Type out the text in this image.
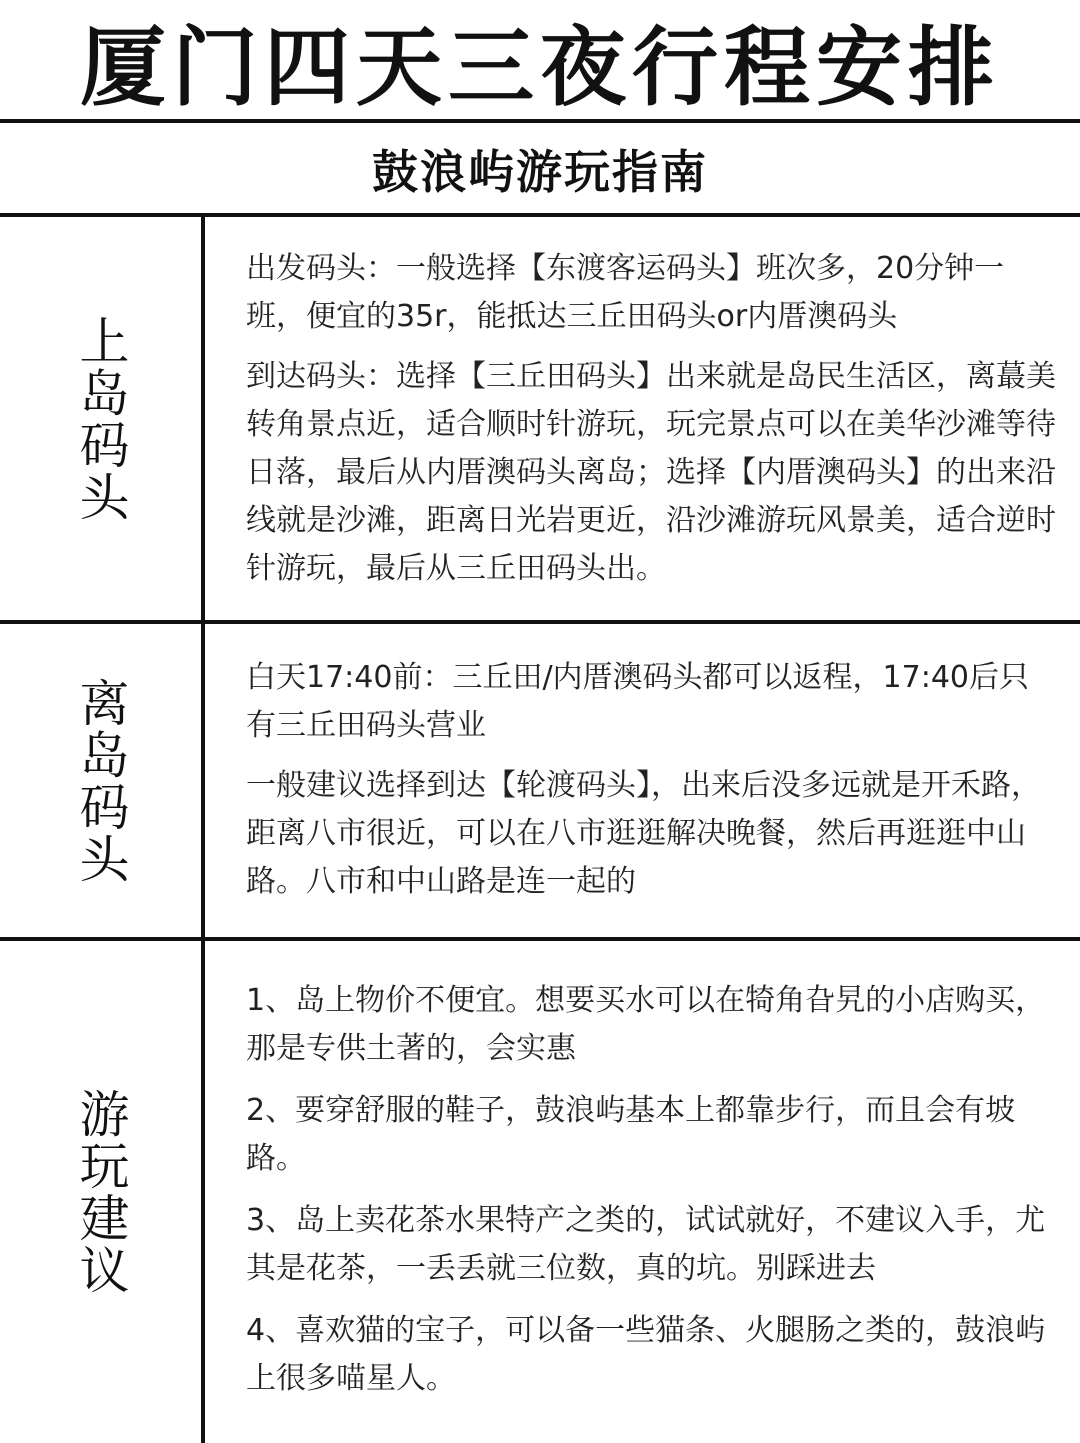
厦门四天三夜行程安排
鼓浪屿游玩指南
上岛码头

出发码头：一般选择【东渡客运码头】班次多，20分钟一班，便宜的35r，能抵达三丘田码头or内厝澳码头

到达码头：选择【三丘田码头】出来就是岛民生活区，离蕞美转角景点近，适合顺时针游玩，玩完景点可以在美华沙滩等待日落，最后从内厝澳码头离岛；选择【内厝澳码头】的出来沿线就是沙滩，距离日光岩更近，沿沙滩游玩风景美，适合逆时针游玩，最后从三丘田码头出。

离岛码头	白天17:40前：三丘田/内厝澳码头都可以返程，17:40后只有三丘田码头营业

一般建议选择到达【轮渡码头】，出来后没多远就是开禾路，距离八市很近，可以在八市逛逛解决晚餐，然后再逛逛中山路。八市和中山路是连一起的

游玩建议

1、岛上物价不便宜。想要买水可以在犄角旮旯的小店购买，那是专供土著的，会实惠

2、要穿舒服的鞋子，鼓浪屿基本上都靠步行，而且会有坡路。

3、岛上卖花茶水果特产之类的，试试就好，不建议入手，尤其是花茶，一丢丢就三位数，真的坑。别踩进去

4、喜欢猫的宝子，可以备一些猫条、火腿肠之类的，鼓浪屿上很多喵星人。
